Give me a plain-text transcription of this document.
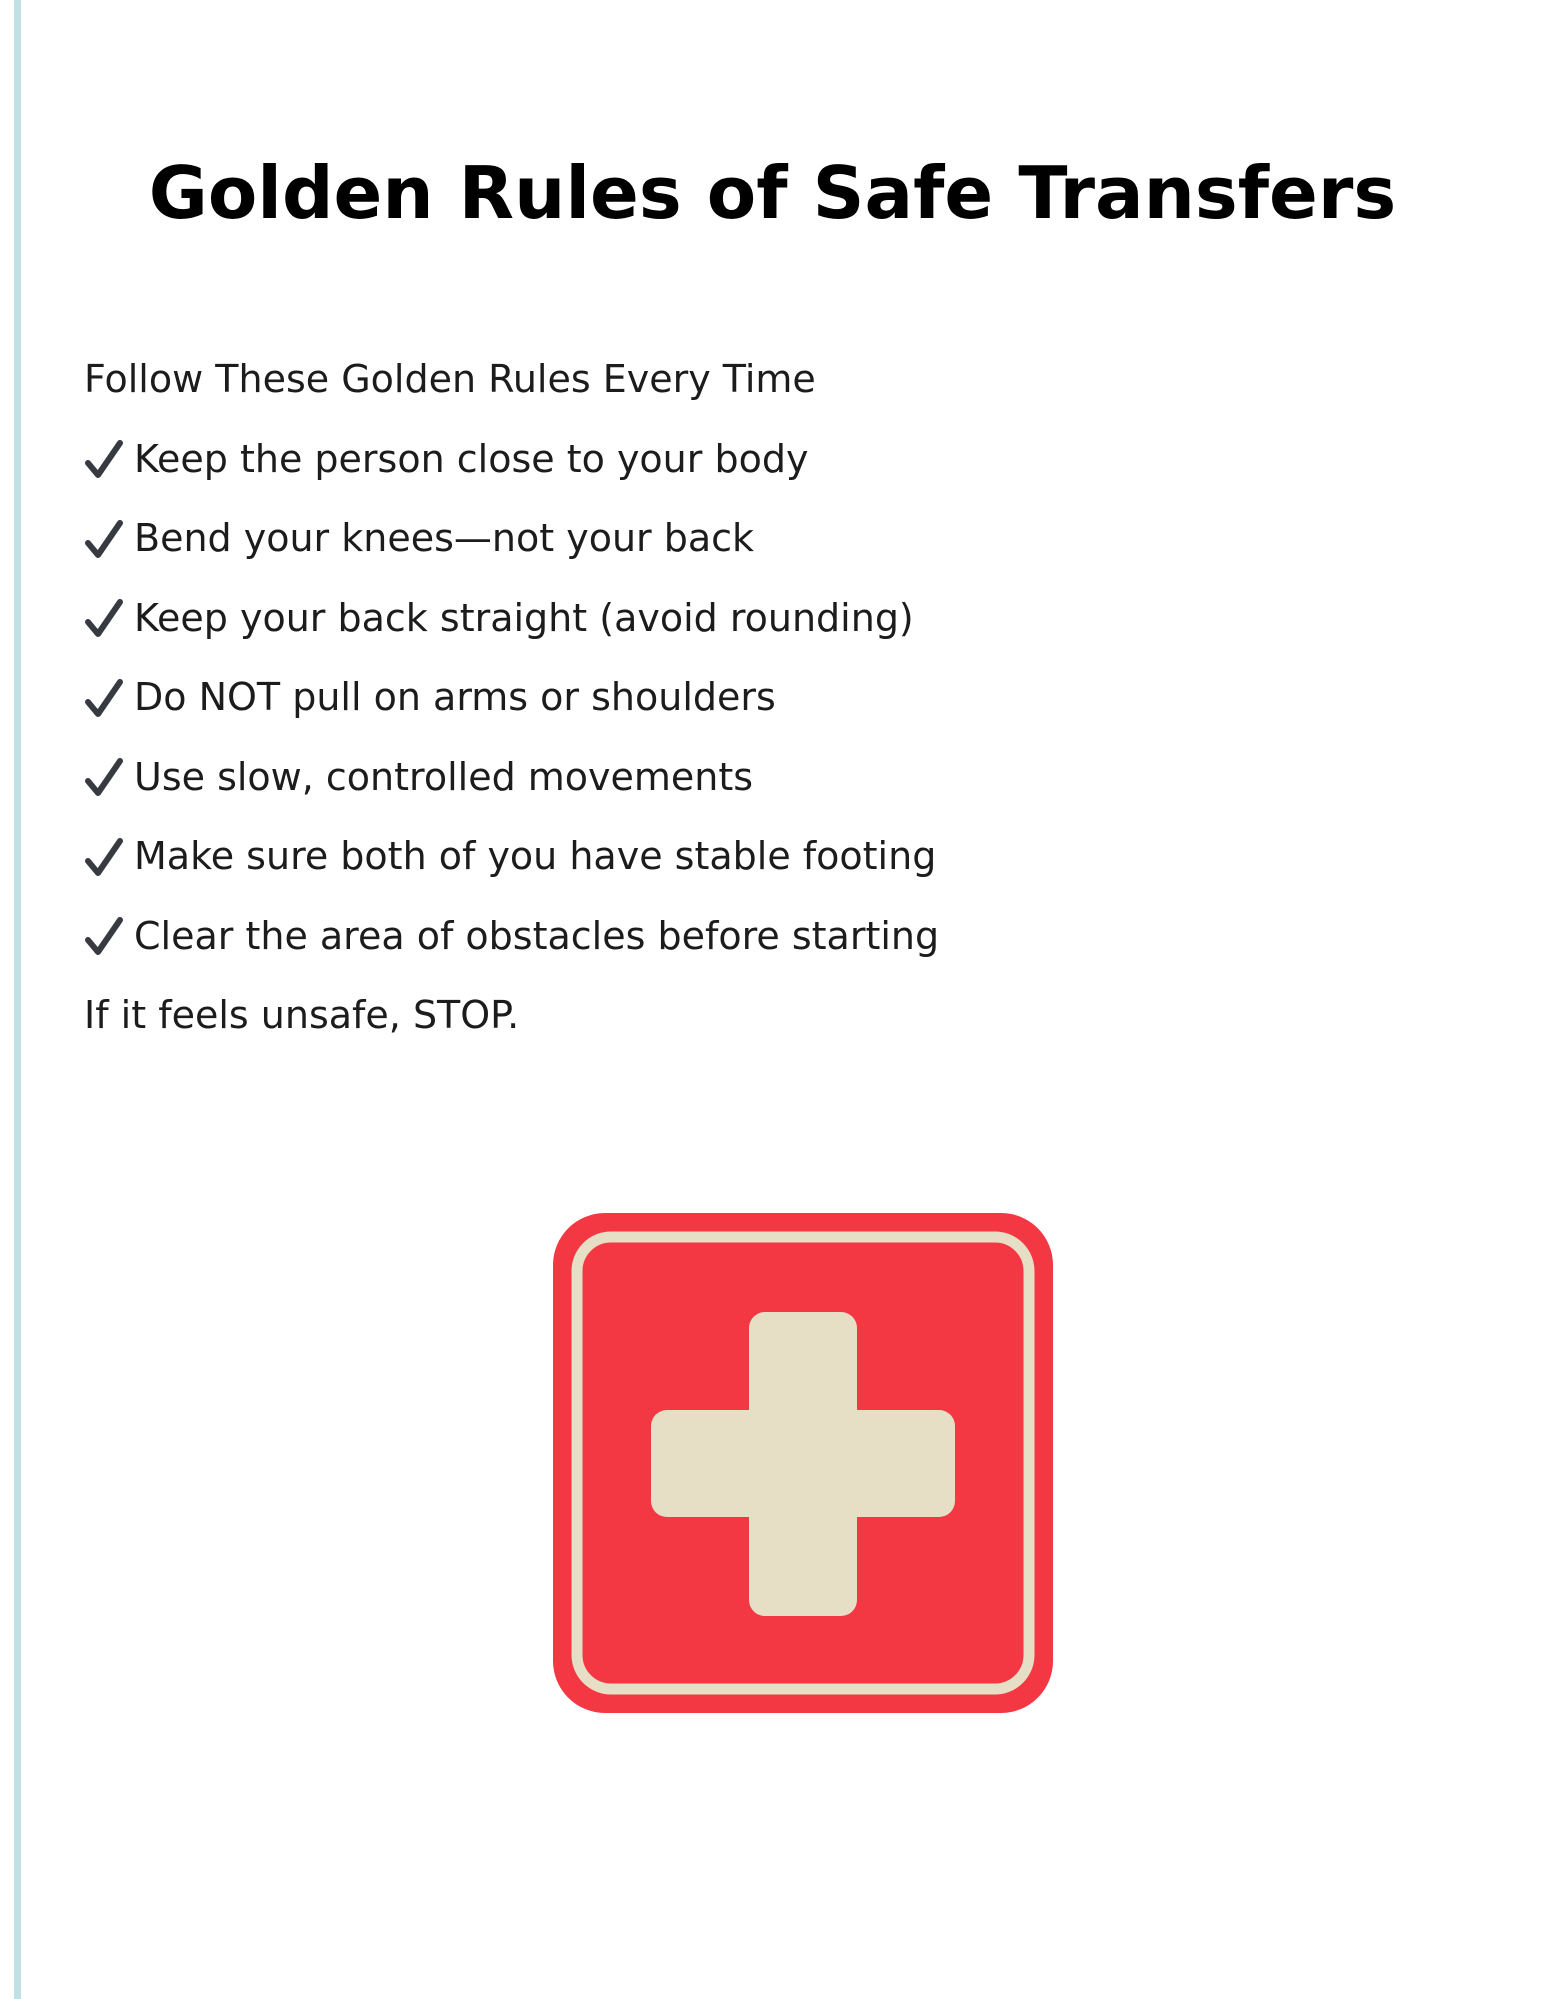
Golden Rules of Safe Transfers
Follow These Golden Rules Every Time
Keep the person close to your body
Bend your knees—not your back
Keep your back straight (avoid rounding)
Do NOT pull on arms or shoulders
Use slow, controlled movements
Make sure both of you have stable footing
Clear the area of obstacles before starting
If it feels unsafe, STOP.
